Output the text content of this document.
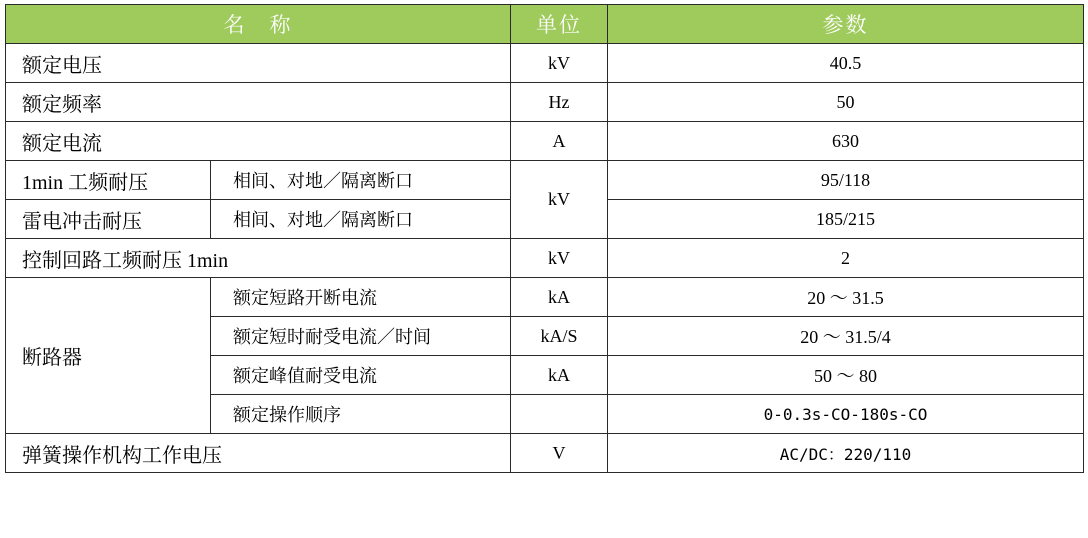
名　称		单位	参数
额定电压		kV	40.5
额定频率		Hz	50
额定电流		A	630
1min 工频耐压	相间、对地／隔离断口	kV	95/118
雷电冲击耐压	相间、对地／隔离断口		185/215
控制回路工频耐压 1min		kV	2
断路器	额定短路开断电流	kA	20 ～ 31.5
	额定短时耐受电流／时间	kA/S	20 ～ 31.5/4
	额定峰值耐受电流	kA	50 ～ 80
	额定操作顺序		0-0.3s-CO-180s-CO
弹簧操作机构工作电压		V	AC/DC：220/110
